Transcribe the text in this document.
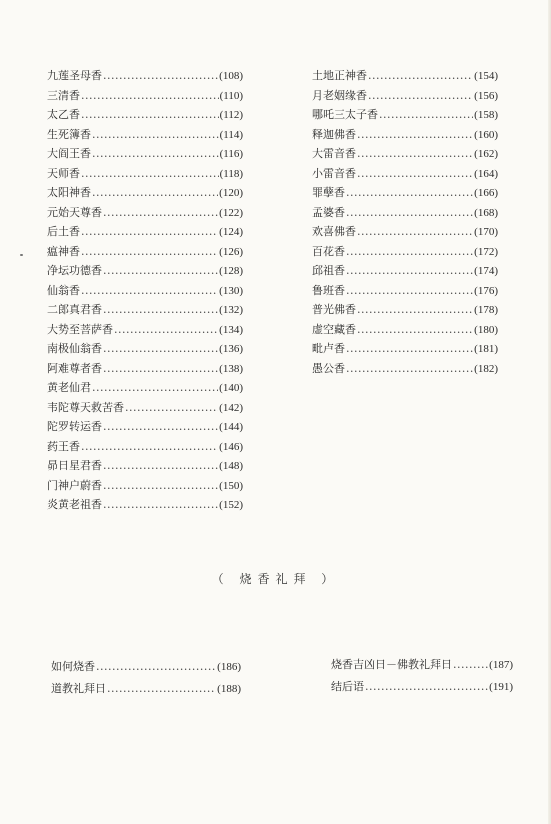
九莲圣母香 .....	(108)
三清香 .....	(110)
太乙香 .....	(112)
生死簿香 .....	(114)
大阎王香 .....	(116)
天师香 .....	(118)
太阳神香 .....	(120)
元始天尊香 .....	(122)
后土香 .....	(124)
瘟神香 .....	(126)
净坛功德香 .....	(128)
仙翁香 .....	(130)
二郎真君香 .....	(132)
大势至菩萨香 .....	(134)
南极仙翁香 .....	(136)
阿难尊者香 .....	(138)
黄老仙君 .....	(140)
韦陀尊天救苦香 .....	(142)
陀罗转运香 .....	(144)
药王香 .....	(146)
昴日星君香 .....	(148)
门神户蔚香 .....	(150)
炎黄老祖香 .....	(152)
土地正神香 .....	(154)
月老姻缘香 .....	(156)
哪吒三太子香 .....	(158)
释迦佛香 .....	(160)
大雷音香 .....	(162)
小雷音香 .....	(164)
罪孽香 .....	(166)
孟婆香 .....	(168)
欢喜佛香 .....	(170)
百花香 .....	(172)
邱祖香 .....	(174)
鲁班香 .....	(176)
普光佛香 .....	(178)
虚空藏香 .....	(180)
毗卢香 .....	(181)
愚公香 .....	(182)
（ 烧香礼拜 ）
如何烧香 .....	(186)
道教礼拜日 .....	(188)
烧香吉凶日－佛教礼拜日 .....	(187)
结后语 .....	(191)
